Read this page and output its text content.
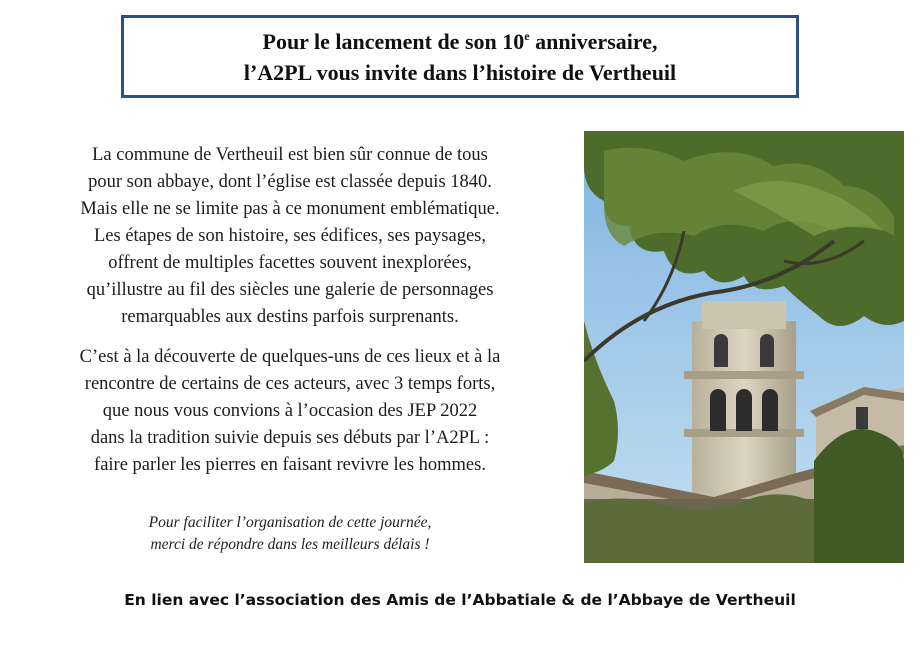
Pour le lancement de son 10e anniversaire,
l’A2PL vous invite dans l’histoire de Vertheuil

La commune de Vertheuil est bien sûr connue de tous
pour son abbaye, dont l’église est classée depuis 1840.
Mais elle ne se limite pas à ce monument emblématique.
Les étapes de son histoire, ses édifices, ses paysages,
offrent de multiples facettes souvent inexplorées,
qu’illustre au fil des siècles une galerie de personnages
remarquables aux destins parfois surprenants.

C’est à la découverte de quelques-uns de ces lieux et à la
rencontre de certains de ces acteurs, avec 3 temps forts,
que nous vous convions à l’occasion des JEP 2022
dans la tradition suivie depuis ses débuts par l’A2PL :
faire parler les pierres en faisant revivre les hommes.

Pour faciliter l’organisation de cette journée,
merci de répondre dans les meilleurs délais !
En lien avec l’association des Amis de l’Abbatiale & de l’Abbaye de Vertheuil
